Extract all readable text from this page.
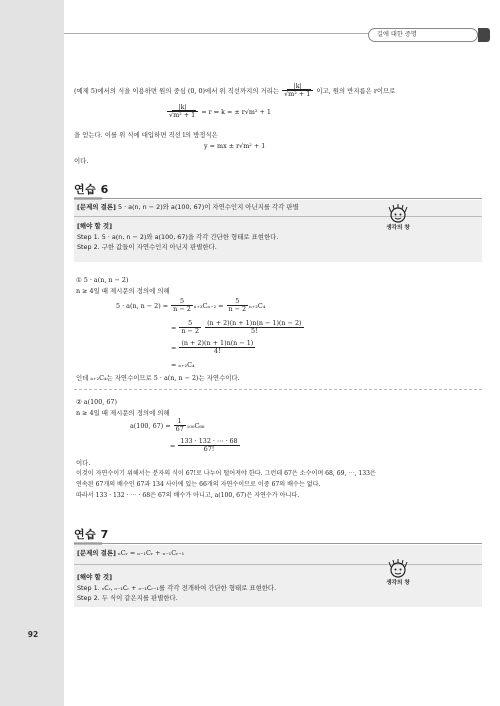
길에 대한 증명
92
(예제 5)에서의 식을 이용하면 원의 중심 (0, 0)에서 위 직선까지의 거리는 $\frac{|k|}{\text{√m² + 1}}$ 이고, 원의 반지름은 r이므로
$\frac{|k|}{\text{√m² + 1}} = r$ ⇔ k = ± r√m² + 1
을 얻는다. 이를 위 식에 대입하면 직선 l의 방정식은
y = mx ± r√m² + 1
이다.
연습 6
[문제의 결론] 5 · a(n, n − 2)와 a(100, 67)이 자연수인지 아닌지를 각각 판별
[해야 할 것]
Step 1. 5 · a(n, n − 2)와 a(100, 67)을 각각 간단한 형태로 표현한다.
Step 2. 구한 값들이 자연수인지 아닌지 판별한다.
생각의 창
① 5 · a(n, n − 2)
n ≥ 4일 때 제시문의 정의에 의해
5 · a(n, $n - 2) = \frac{5}{n - 2} _{n+2}C_{n-2} = \frac{5}{n - 2} _{n+2}C_4$
= $\frac{5}{n - 2}$
$\frac{(n + 2)(n + 1)n(n - 1)(n - 2)}{5!}$
= $\frac{(n + 2)(n + 1)n(n - 1)}{4!}$
= ₙ₊₂C₄
인데 ₙ₊₂C₄는 자연수이므로 5 · a(n, n − 2)는 자연수이다.
② a(100, 67)
n ≥ 4일 때 제시문의 정의에 의해
a(100, $67) = \frac{1}{67} _{100}C_{66}$
= $\frac{133 \cdot 132 \cdot \cdots \cdot 68}{67!}$
이다.
이것이 자연수이기 위해서는 분자의 식이 67!로 나누어 떨어져야 한다. 그런데 67은 소수이며 68, 69, ⋯, 133은
연속된 67개의 배수인 67과 134 사이에 있는 66개의 자연수이므로 이중 67의 배수는 없다.
따라서 133 · 132 · ⋯ · 68은 67의 배수가 아니고, a(100, 67)은 자연수가 아니다.
연습 7
[문제의 결론] ₙCᵣ = ₙ₋₁Cᵣ + ₙ₋₁Cᵣ₋₁
[해야 할 것]
Step 1. ₙCᵣ, ₙ₋₁Cᵣ + ₙ₋₁Cᵣ₋₁를 각각 전개하여 간단한 형태로 표현한다.
Step 2. 두 식이 같은지를 판별한다.
생각의 창
